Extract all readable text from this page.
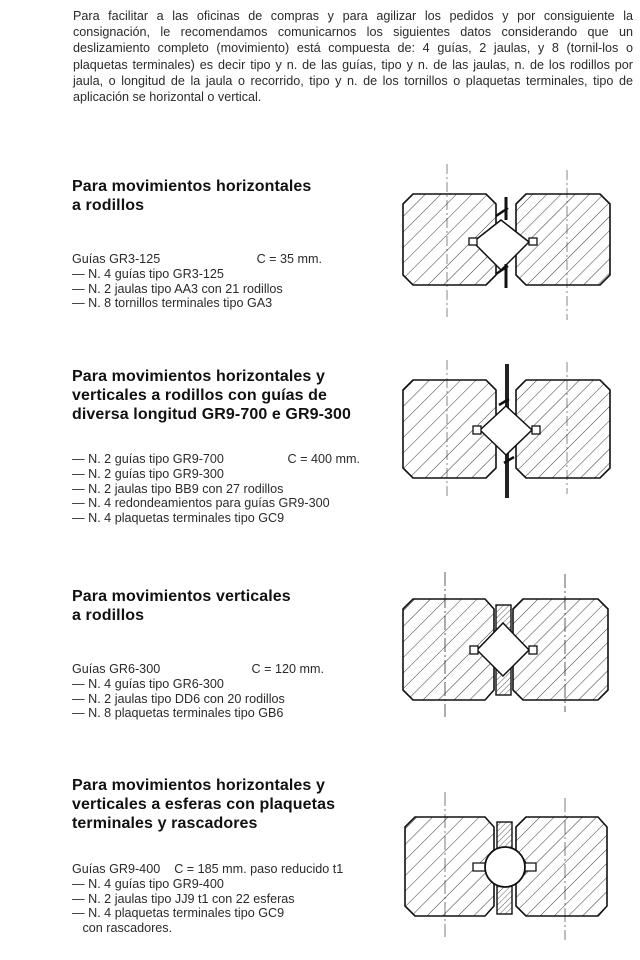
Para facilitar a las oficinas de compras y para agilizar los pedidos y por consiguiente la consignación, le recomendamos comunicarnos los siguientes datos considerando que un deslizamiento completo (movimiento) está compuesta de: 4 guías, 2 jaulas, y 8 (tornil-los o plaquetas terminales) es decir tipo y n. de las guías, tipo y n. de las jaulas, n. de los rodillos por jaula, o longitud de la jaula o recorrido, tipo y n. de los tornillos o plaquetas terminales, tipo de aplicación se horizontal o vertical.
Para movimientos horizontales
a rodillos
Guías GR3-125	C = 35 mm.
— N. 4 guías tipo GR3-125
— N. 2 jaulas tipo AA3 con 21 rodillos
— N. 8 tornillos terminales tipo GA3
Para movimientos horizontales y
verticales a rodillos con guías de
diversa longitud GR9-700 e GR9-300
— N. 2 guías tipo GR9-700	C = 400 mm.
— N. 2 guías tipo GR9-300
— N. 2 jaulas tipo BB9 con 27 rodillos
— N. 4 redondeamientos para guías GR9-300
— N. 4 plaquetas terminales tipo GC9
Para movimientos verticales
a rodillos
Guías GR6-300	C = 120 mm.
— N. 4 guías tipo GR6-300
— N. 2 jaulas tipo DD6 con 20 rodillos
— N. 8 plaquetas terminales tipo GB6
Para movimientos horizontales y
verticales a esferas con plaquetas
terminales y rascadores
Guías GR9-400 C = 185 mm. paso reducido t1
— N. 4 guías tipo GR9-400
— N. 2 jaulas tipo JJ9 t1 con 22 esferas
— N. 4 plaquetas terminales tipo GC9
con rascadores.
